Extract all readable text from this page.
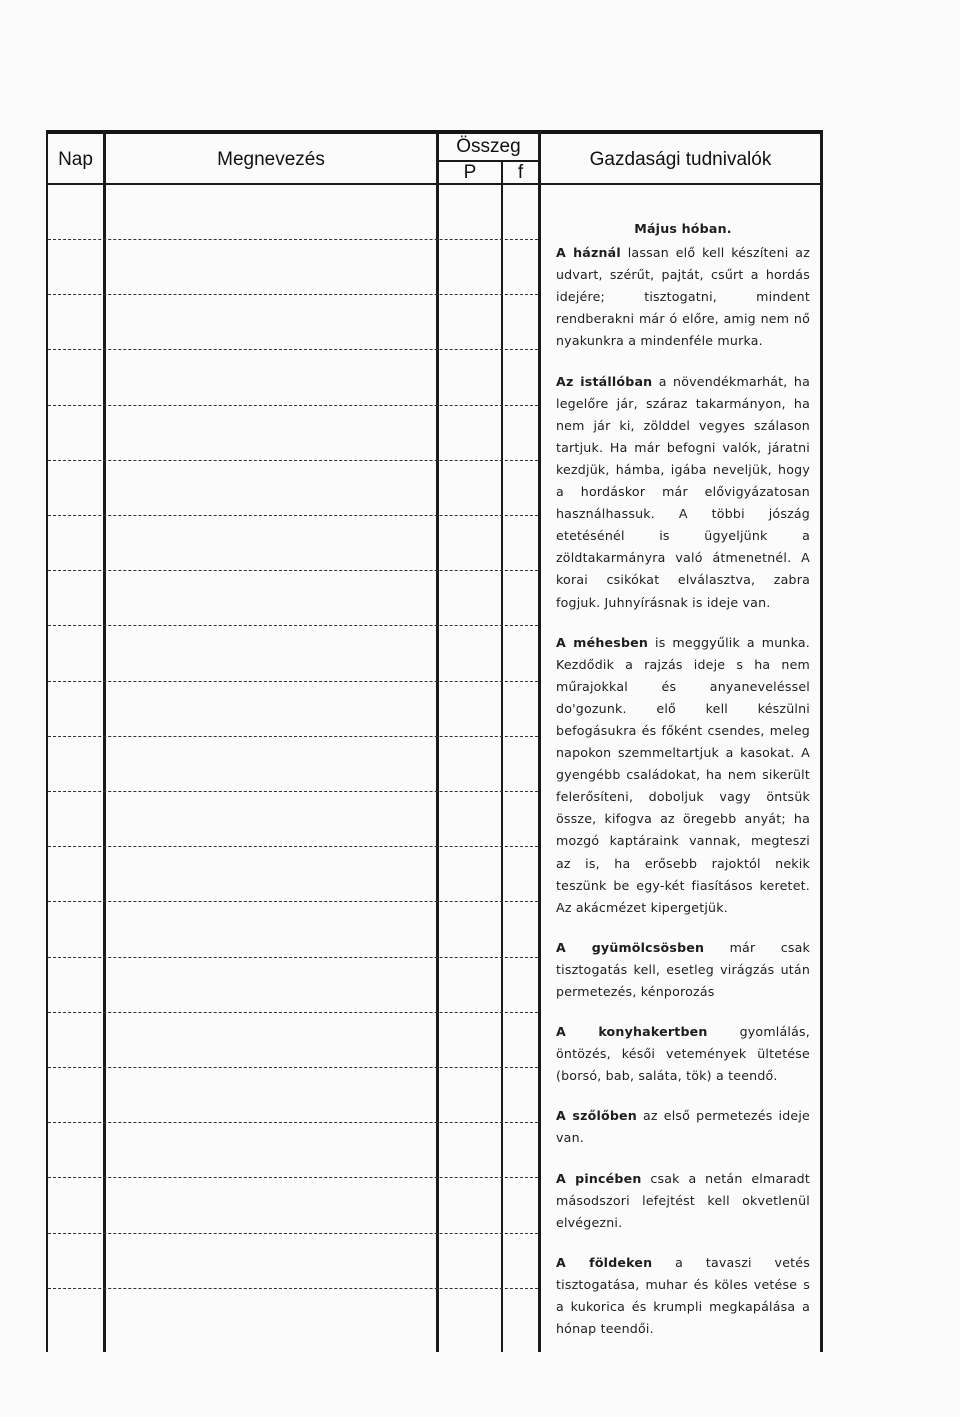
Nap	Megnevezés
Összeg
P	f
Gazdasági tudnivalók
Május hóban.

A háznál lassan elő kell készíteni az udvart, szérűt, pajtát, csűrt a hordás idejére; tisztogatni, mindent rendberakni már ó előre, amig nem nő nyakunkra a mindenféle murka.

Az istállóban a növendékmarhát, ha legelőre jár, száraz takarmányon, ha nem jár ki, zölddel vegyes szálason tartjuk. Ha már befogni valók, járatni kezdjük, hámba, igába neveljük, hogy a hordáskor már elővigyázatosan használhassuk. A többi jószág etetésénél is ügyeljünk a zöldtakarmányra való átmenetnél. A korai csikókat elválasztva, zabra fogjuk. Juhnyírásnak is ideje van.

A méhesben is meggyűlik a munka. Kezdődik a rajzás ideje s ha nem műrajokkal és anyaneveléssel do'gozunk. elő kell készülni befogásukra és főként csendes, meleg napokon szemmeltartjuk a kasokat. A gyengébb családokat, ha nem sikerült felerősíteni, doboljuk vagy öntsük össze, kifogva az öregebb anyát; ha mozgó kaptáraink vannak, megteszi az is, ha erősebb rajoktól nekik teszünk be egy-két fiasításos keretet. Az akácmézet kipergetjük.

A gyümölcsösben már csak tisztogatás kell, esetleg virágzás után permetezés, kénporozás

A konyhakertben gyomlálás, öntözés, késői vetemények ültetése (borsó, bab, saláta, tök) a teendő.

A szőlőben az első permetezés ideje van.

A pincében csak a netán elmaradt másodszori lefejtést kell okvetlenül elvégezni.

A földeken a tavaszi vetés tisztogatása, muhar és köles vetése s a kukorica és krumpli megkapálása a hónap teendői.
